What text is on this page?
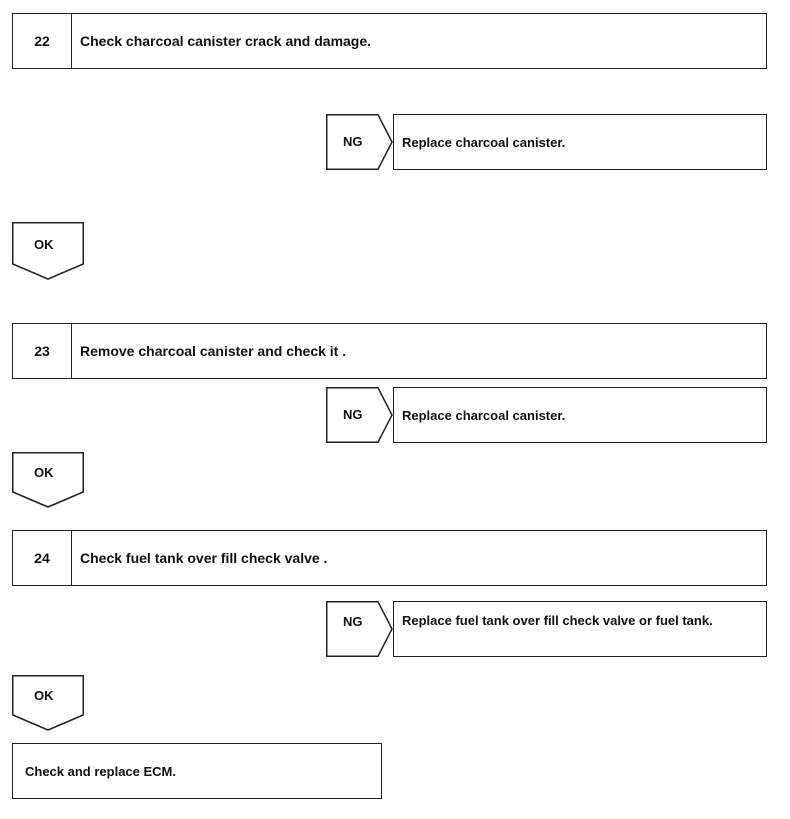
22	Check charcoal canister crack and damage.
NG	Replace charcoal canister.
OK
23	Remove charcoal canister and check it .
NG	Replace charcoal canister.
OK
24	Check fuel tank over fill check valve .
NG	Replace fuel tank over fill check valve or fuel tank.
OK
Check and replace ECM.
